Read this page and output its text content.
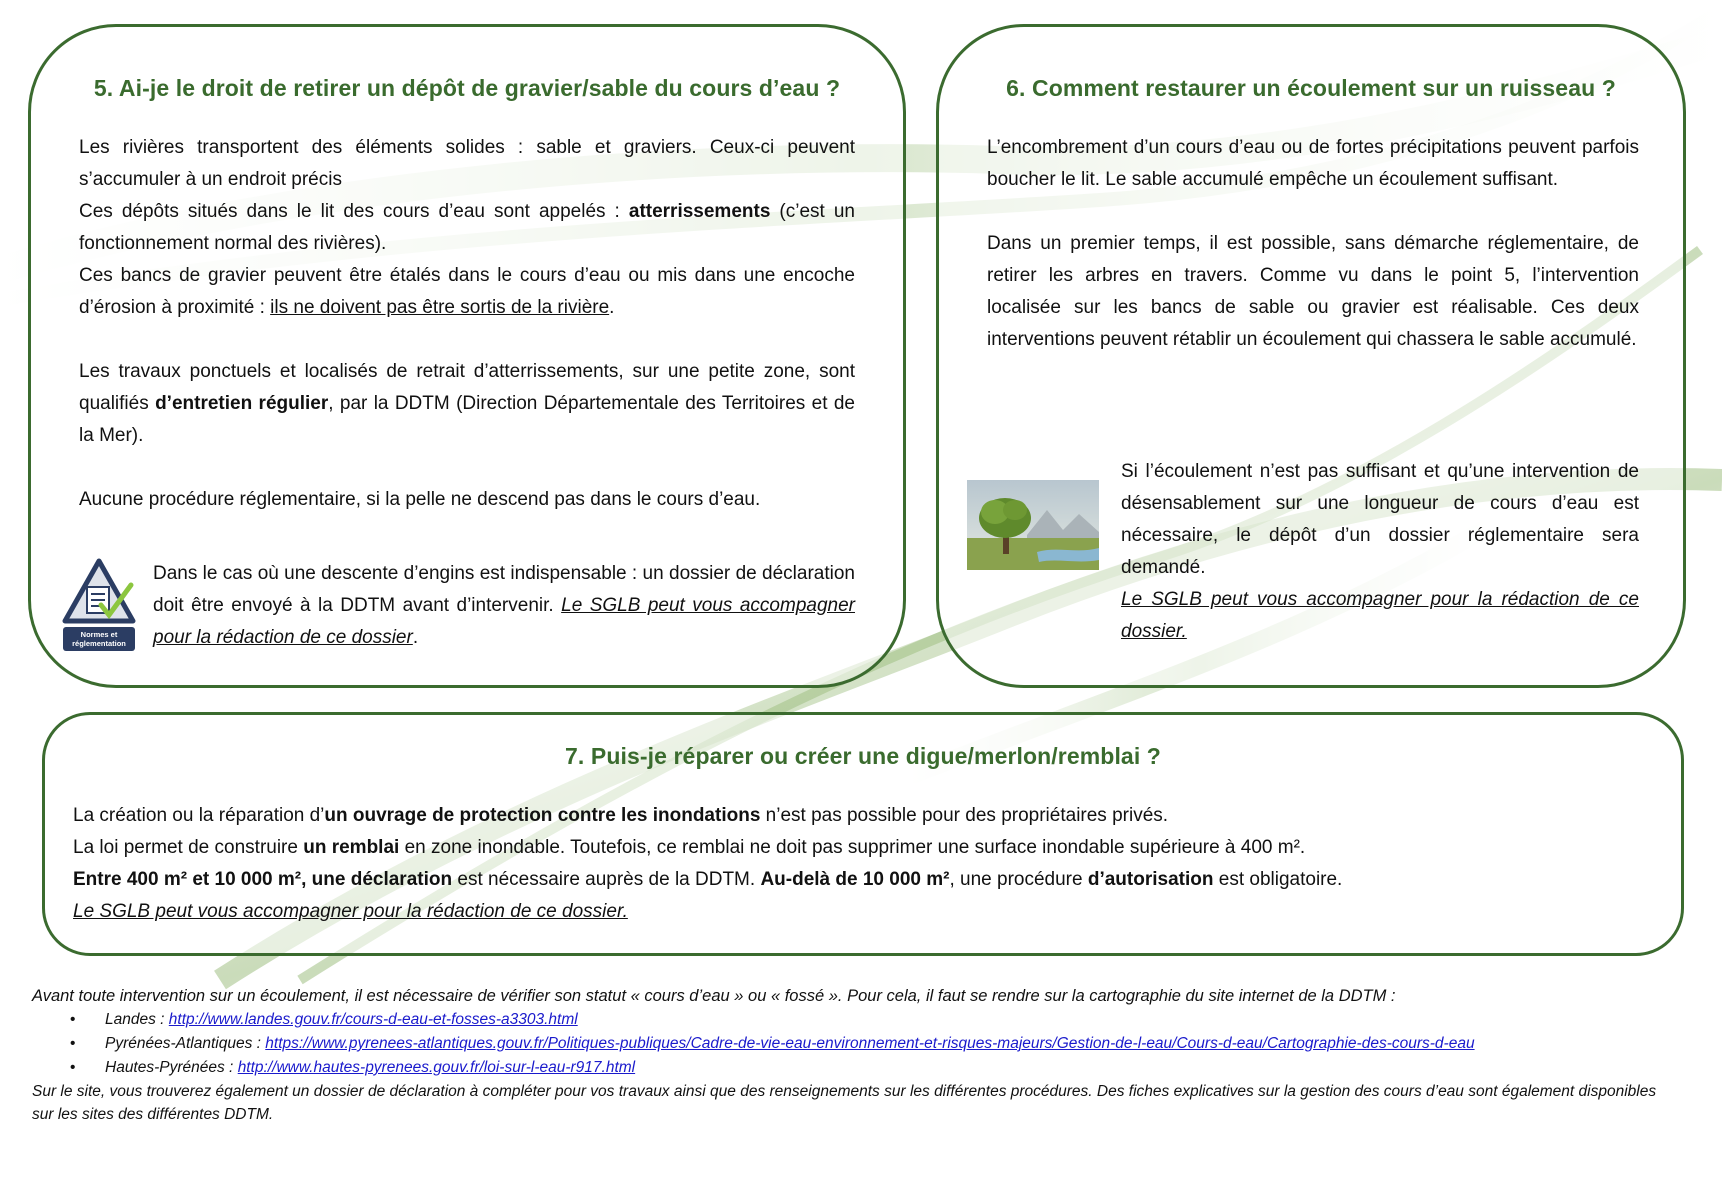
5. Ai-je le droit de retirer un dépôt de gravier/sable du cours d’eau ?

Les rivières transportent des éléments solides : sable et graviers. Ceux-ci peuvent s’accumuler à un endroit précis
Ces dépôts situés dans le lit des cours d’eau sont appelés : atterrissements (c’est un fonctionnement normal des rivières).
Ces bancs de gravier peuvent être étalés dans le cours d’eau ou mis dans une encoche d’érosion à proximité : ils ne doivent pas être sortis de la rivière.

Les travaux ponctuels et localisés de retrait d’atterrissements, sur une petite zone, sont qualifiés d’entretien régulier, par la DDTM (Direction Départementale des Territoires et de la Mer).

Aucune procédure réglementaire, si la pelle ne descend pas dans le cours d’eau.

Normes et
réglementation

Dans le cas où une descente d’engins est indispensable : un dossier de déclaration doit être envoyé à la DDTM avant d’intervenir. Le SGLB peut vous accompagner pour la rédaction de ce dossier.

6. Comment restaurer un écoulement sur un ruisseau ?

L’encombrement d’un cours d’eau ou de fortes précipitations peuvent parfois boucher le lit. Le sable accumulé empêche un écoulement suffisant.

Dans un premier temps, il est possible, sans démarche réglementaire, de retirer les arbres en travers. Comme vu dans le point 5, l’intervention localisée sur les bancs de sable ou gravier est réalisable. Ces deux interventions peuvent rétablir un écoulement qui chassera le sable accumulé.

Si l’écoulement n’est pas suffisant et qu’une intervention de désensablement sur une longueur de cours d’eau est nécessaire, le dépôt d’un dossier réglementaire sera demandé.

Le SGLB peut vous accompagner pour la rédaction de ce dossier.

7. Puis-je réparer ou créer une digue/merlon/remblai ?

La création ou la réparation d’un ouvrage de protection contre les inondations n’est pas possible pour des propriétaires privés.

La loi permet de construire un remblai en zone inondable. Toutefois, ce remblai ne doit pas supprimer une surface inondable supérieure à 400 m².

Entre 400 m² et 10 000 m², une déclaration est nécessaire auprès de la DDTM. Au-delà de 10 000 m², une procédure d’autorisation est obligatoire.

Le SGLB peut vous accompagner pour la rédaction de ce dossier.

Avant toute intervention sur un écoulement, il est nécessaire de vérifier son statut « cours d’eau » ou « fossé ». Pour cela, il faut se rendre sur la cartographie du site internet de la DDTM :

• Landes : http://www.landes.gouv.fr/cours-d-eau-et-fosses-a3303.html
• Pyrénées-Atlantiques : https://www.pyrenees-atlantiques.gouv.fr/Politiques-publiques/Cadre-de-vie-eau-environnement-et-risques-majeurs/Gestion-de-l-eau/Cours-d-eau/Cartographie-des-cours-d-eau
• Hautes-Pyrénées : http://www.hautes-pyrenees.gouv.fr/loi-sur-l-eau-r917.html

Sur le site, vous trouverez également un dossier de déclaration à compléter pour vos travaux ainsi que des renseignements sur les différentes procédures. Des fiches explicatives sur la gestion des cours d’eau sont également disponibles sur les sites des différentes DDTM.
